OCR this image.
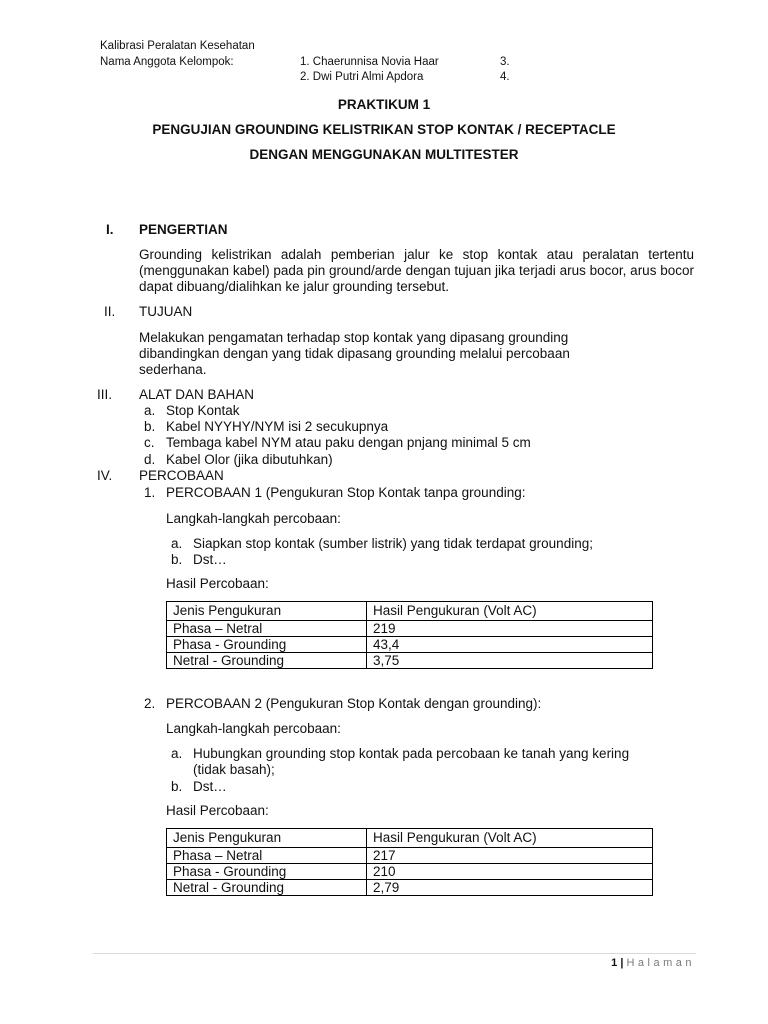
Kalibrasi Peralatan Kesehatan
Nama Anggota Kelompok:	1. Chaerunnisa Novia Haar
2. Dwi Putri Almi Apdora
3.
4.
PRAKTIKUM 1
PENGUJIAN GROUNDING KELISTRIKAN STOP KONTAK / RECEPTACLE
DENGAN MENGGUNAKAN MULTITESTER
I. PENGERTIAN
Grounding kelistrikan adalah pemberian jalur ke stop kontak atau peralatan tertentu (menggunakan kabel) pada pin ground/arde dengan tujuan jika terjadi arus bocor, arus bocor dapat dibuang/dialihkan ke jalur grounding tersebut.
II. TUJUAN
Melakukan pengamatan terhadap stop kontak yang dipasang grounding dibandingkan dengan yang tidak dipasang grounding melalui percobaan sederhana.
III. ALAT DAN BAHAN
a. Stop Kontak
b. Kabel NYYHY/NYM isi 2 secukupnya
c. Tembaga kabel NYM atau paku dengan pnjang minimal 5 cm
d. Kabel Olor (jika dibutuhkan)
IV. PERCOBAAN
1. PERCOBAAN 1 (Pengukuran Stop Kontak tanpa grounding:
Langkah-langkah percobaan:
a. Siapkan stop kontak (sumber listrik) yang tidak terdapat grounding;
b. Dst…
Hasil Percobaan:
Jenis Pengukuran	Hasil Pengukuran (Volt AC)
Phasa – Netral	219
Phasa - Grounding	43,4
Netral - Grounding	3,75
2. PERCOBAAN 2 (Pengukuran Stop Kontak dengan grounding):
Langkah-langkah percobaan:
a. Hubungkan grounding stop kontak pada percobaan ke tanah yang kering
(tidak basah);
b. Dst…
Hasil Percobaan:
Jenis Pengukuran	Hasil Pengukuran (Volt AC)
Phasa – Netral	217
Phasa - Grounding	210
Netral - Grounding	2,79
1 | Halaman
